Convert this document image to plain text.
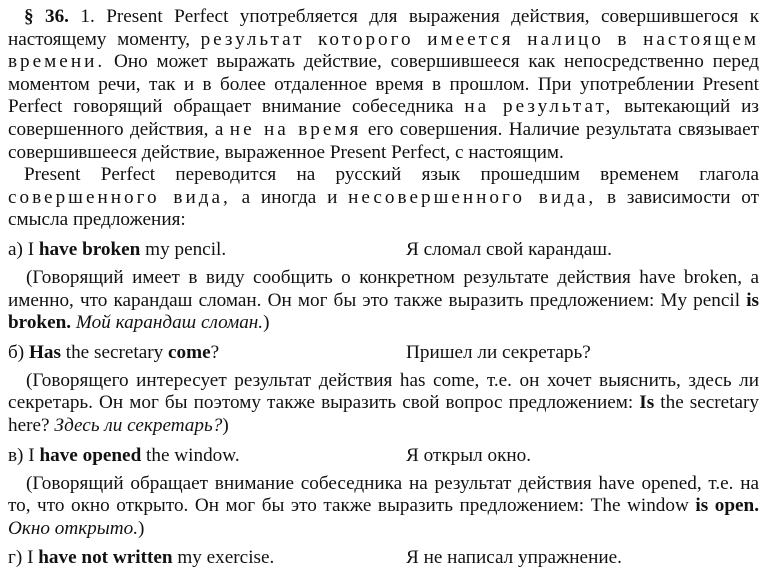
§ 36. 1. Present Perfect употребляется для выражения действия, совершившегося к настоящему моменту, результат которого имеется налицо в настоящем времени. Оно может выражать действие, совершившееся как непосредственно перед моментом речи, так и в более отдаленное время в прошлом. При употреблении Present Perfect говорящий обращает внимание собеседника на результат, вытекающий из совершенного действия, а не на время его совершения. Наличие результата связывает совершившееся действие, выраженное Present Perfect, с настоящим.

Present Perfect переводится на русский язык прошедшим временем глагола совершенного вида, а иногда и несовершенного вида, в зависимости от смысла предложения:

а) I have broken my pencil.	Я сломал свой карандаш.

(Говорящий имеет в виду сообщить о конкретном результате действия have broken, а именно, что карандаш сломан. Он мог бы это также выразить предложением: My pencil is broken. Мой карандаш сломан.)

б) Has the secretary come?	Пришел ли секретарь?

(Говорящего интересует результат действия has come, т.е. он хочет выяснить, здесь ли секретарь. Он мог бы поэтому также выразить свой вопрос предложением: Is the secretary here? Здесь ли секретарь?)

в) I have opened the window.	Я открыл окно.

(Говорящий обращает внимание собеседника на результат действия have opened, т.е. на то, что окно открыто. Он мог бы это также выразить предложением: The window is open. Окно открыто.)

г) I have not written my exercise.	Я не написал упражнение.
